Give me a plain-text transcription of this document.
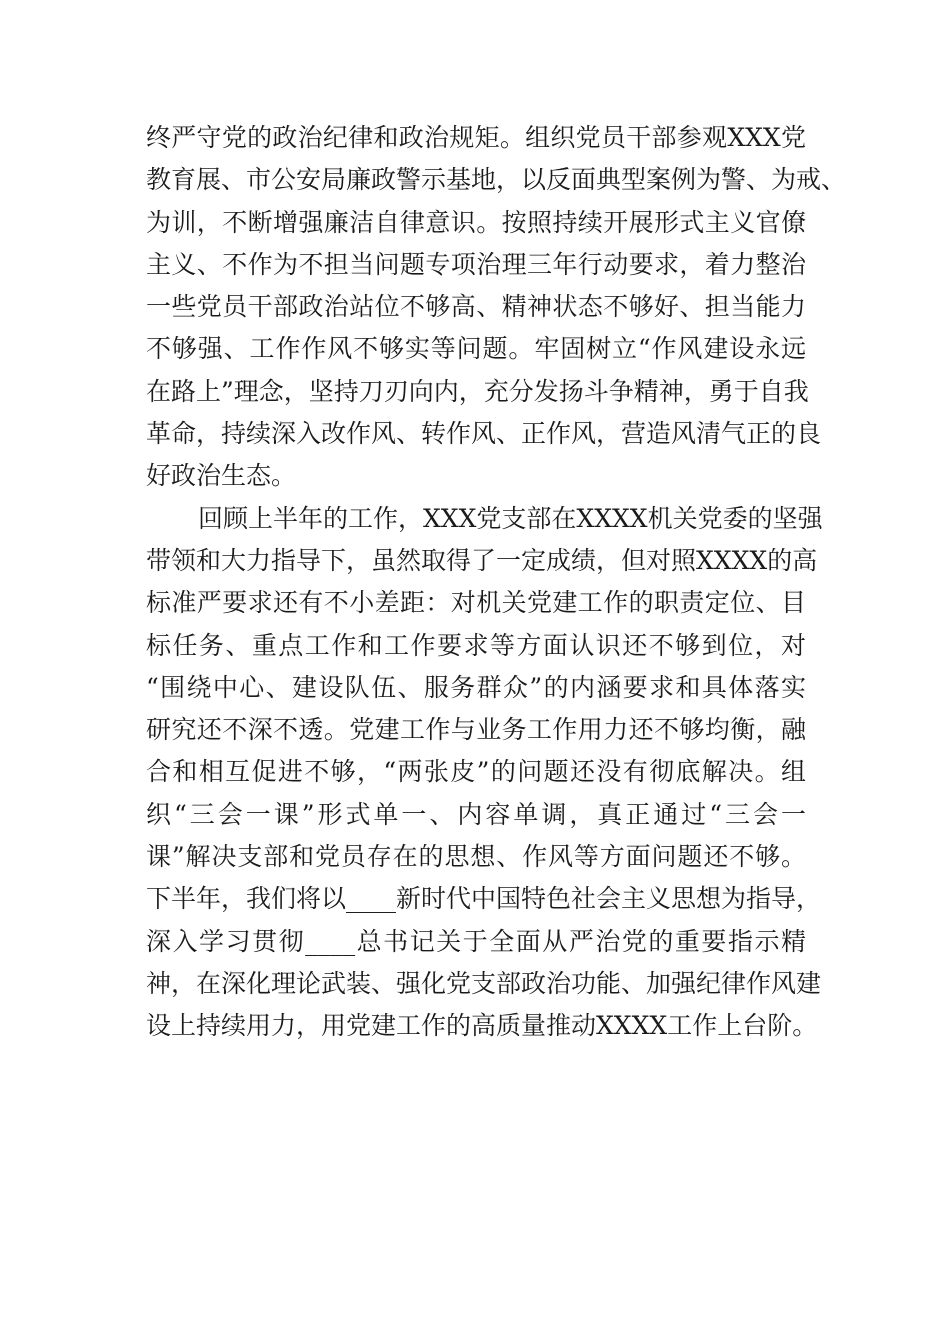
终严守党的政治纪律和政治规矩。组织党员干部参观XXX党
教育展、市公安局廉政警示基地，以反面典型案例为警、为戒、
为训，不断增强廉洁自律意识。按照持续开展形式主义官僚
主义、不作为不担当问题专项治理三年行动要求，着力整治
一些党员干部政治站位不够高、精神状态不够好、担当能力
不够强、工作作风不够实等问题。牢固树立“作风建设永远
在路上”理念，坚持刀刃向内，充分发扬斗争精神，勇于自我
革命，持续深入改作风、转作风、正作风，营造风清气正的良
好政治生态。
回顾上半年的工作，XXX党支部在XXXX机关党委的坚强
带领和大力指导下，虽然取得了一定成绩，但对照XXXX的高
标准严要求还有不小差距：对机关党建工作的职责定位、目
标任务、重点工作和工作要求等方面认识还不够到位，对
“围绕中心、建设队伍、服务群众”的内涵要求和具体落实
研究还不深不透。党建工作与业务工作用力还不够均衡，融
合和相互促进不够，“两张皮”的问题还没有彻底解决。组
织“三会一课”形式单一、内容单调，真正通过“三会一
课”解决支部和党员存在的思想、作风等方面问题还不够。
下半年，我们将以____新时代中国特色社会主义思想为指导，
深入学习贯彻____总书记关于全面从严治党的重要指示精
神，在深化理论武装、强化党支部政治功能、加强纪律作风建
设上持续用力，用党建工作的高质量推动XXXX工作上台阶。
